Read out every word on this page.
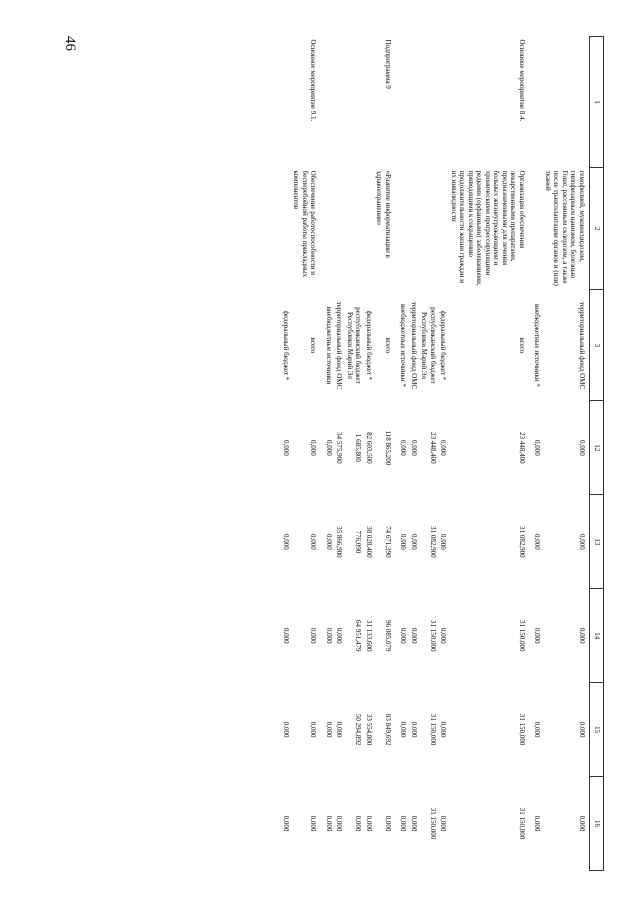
46
1	2	3	12	13	14	15	16
	гемофилией, муковисцидозом, гипофизарным нанизмом, болезнью Гоше, рассеянным склерозом, а также после трансплантации органов и (или) тканей	территориальный фонд ОМС	0,000	0,000	0,000	0,000	0,000
		внебюджетные источники *	0,000	0,000	0,000	0,000	0,000
Основное мероприятие 8.4.	Организация обеспечения лекарственными препаратами, предназначенными для лечения больных жизнеугрожающими и хроническими прогрессирующими редкими (орфанными) заболеваниями, приводящими к сокращению продолжительности жизни граждан и их инвалидности	всего	23 448,400	31 082,900	31 150,000	31 150,000	31 150,000
		федеральный бюджет *	0,000	0,000	0,000	0,000	0,000
		республиканский бюджет Республики Марий Эл	23 448,400	31 082,900	31 150,000	31 150,000	31 150,000
		территориальный фонд ОМС	0,000	0,000	0,000	0,000	0,000
		внебюджетные источники *	0,000	0,000	0,000	0,000	0,000
Подпрограмма 9	«Развитие информатизации в здравоохранении»	всего	118 865,200	74 671,390	96 085,079	83 849,692	0,000
		федеральный бюджет *	82 603,500	38 028,400	31 133,600	33 554,800	0,000
		республиканский бюджет Республики Марий Эл	1 685,800	776,090	64 951,479	50 294,892	0,000
		территориальный фонд ОМС	34 575,900	35 866,900	0,000	0,000	0,000
		внебюджетные источники	0,000	0,000	0,000	0,000	0,000
Основное мероприятие 9.1.	Обеспечение работоспособности и бесперебойной работы прикладных компонентов	всего	0,000	0,000	0,000	0,000	0,000
		федеральный бюджет *	0,000	0,000	0,000	0,000	0,000
